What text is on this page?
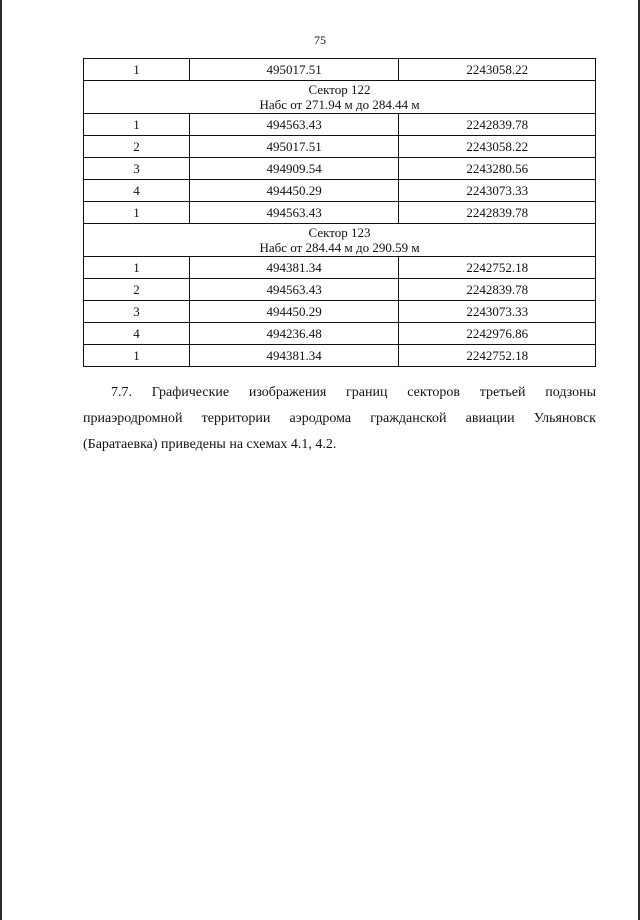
75
1	495017.51	2243058.22

Сектор 122
Набс от 271.94 м до 284.44 м		

1	494563.43	2242839.78
2	495017.51	2243058.22
3	494909.54	2243280.56
4	494450.29	2243073.33
1	494563.43	2242839.78

Сектор 123
Набс от 284.44 м до 290.59 м		

1	494381.34	2242752.18
2	494563.43	2242839.78
3	494450.29	2243073.33
4	494236.48	2242976.86
1	494381.34	2242752.18
7.7. Графические изображения границ секторов третьей подзоны
приаэродромной территории аэродрома гражданской авиации Ульяновск
(Баратаевка) приведены на схемах 4.1, 4.2.
